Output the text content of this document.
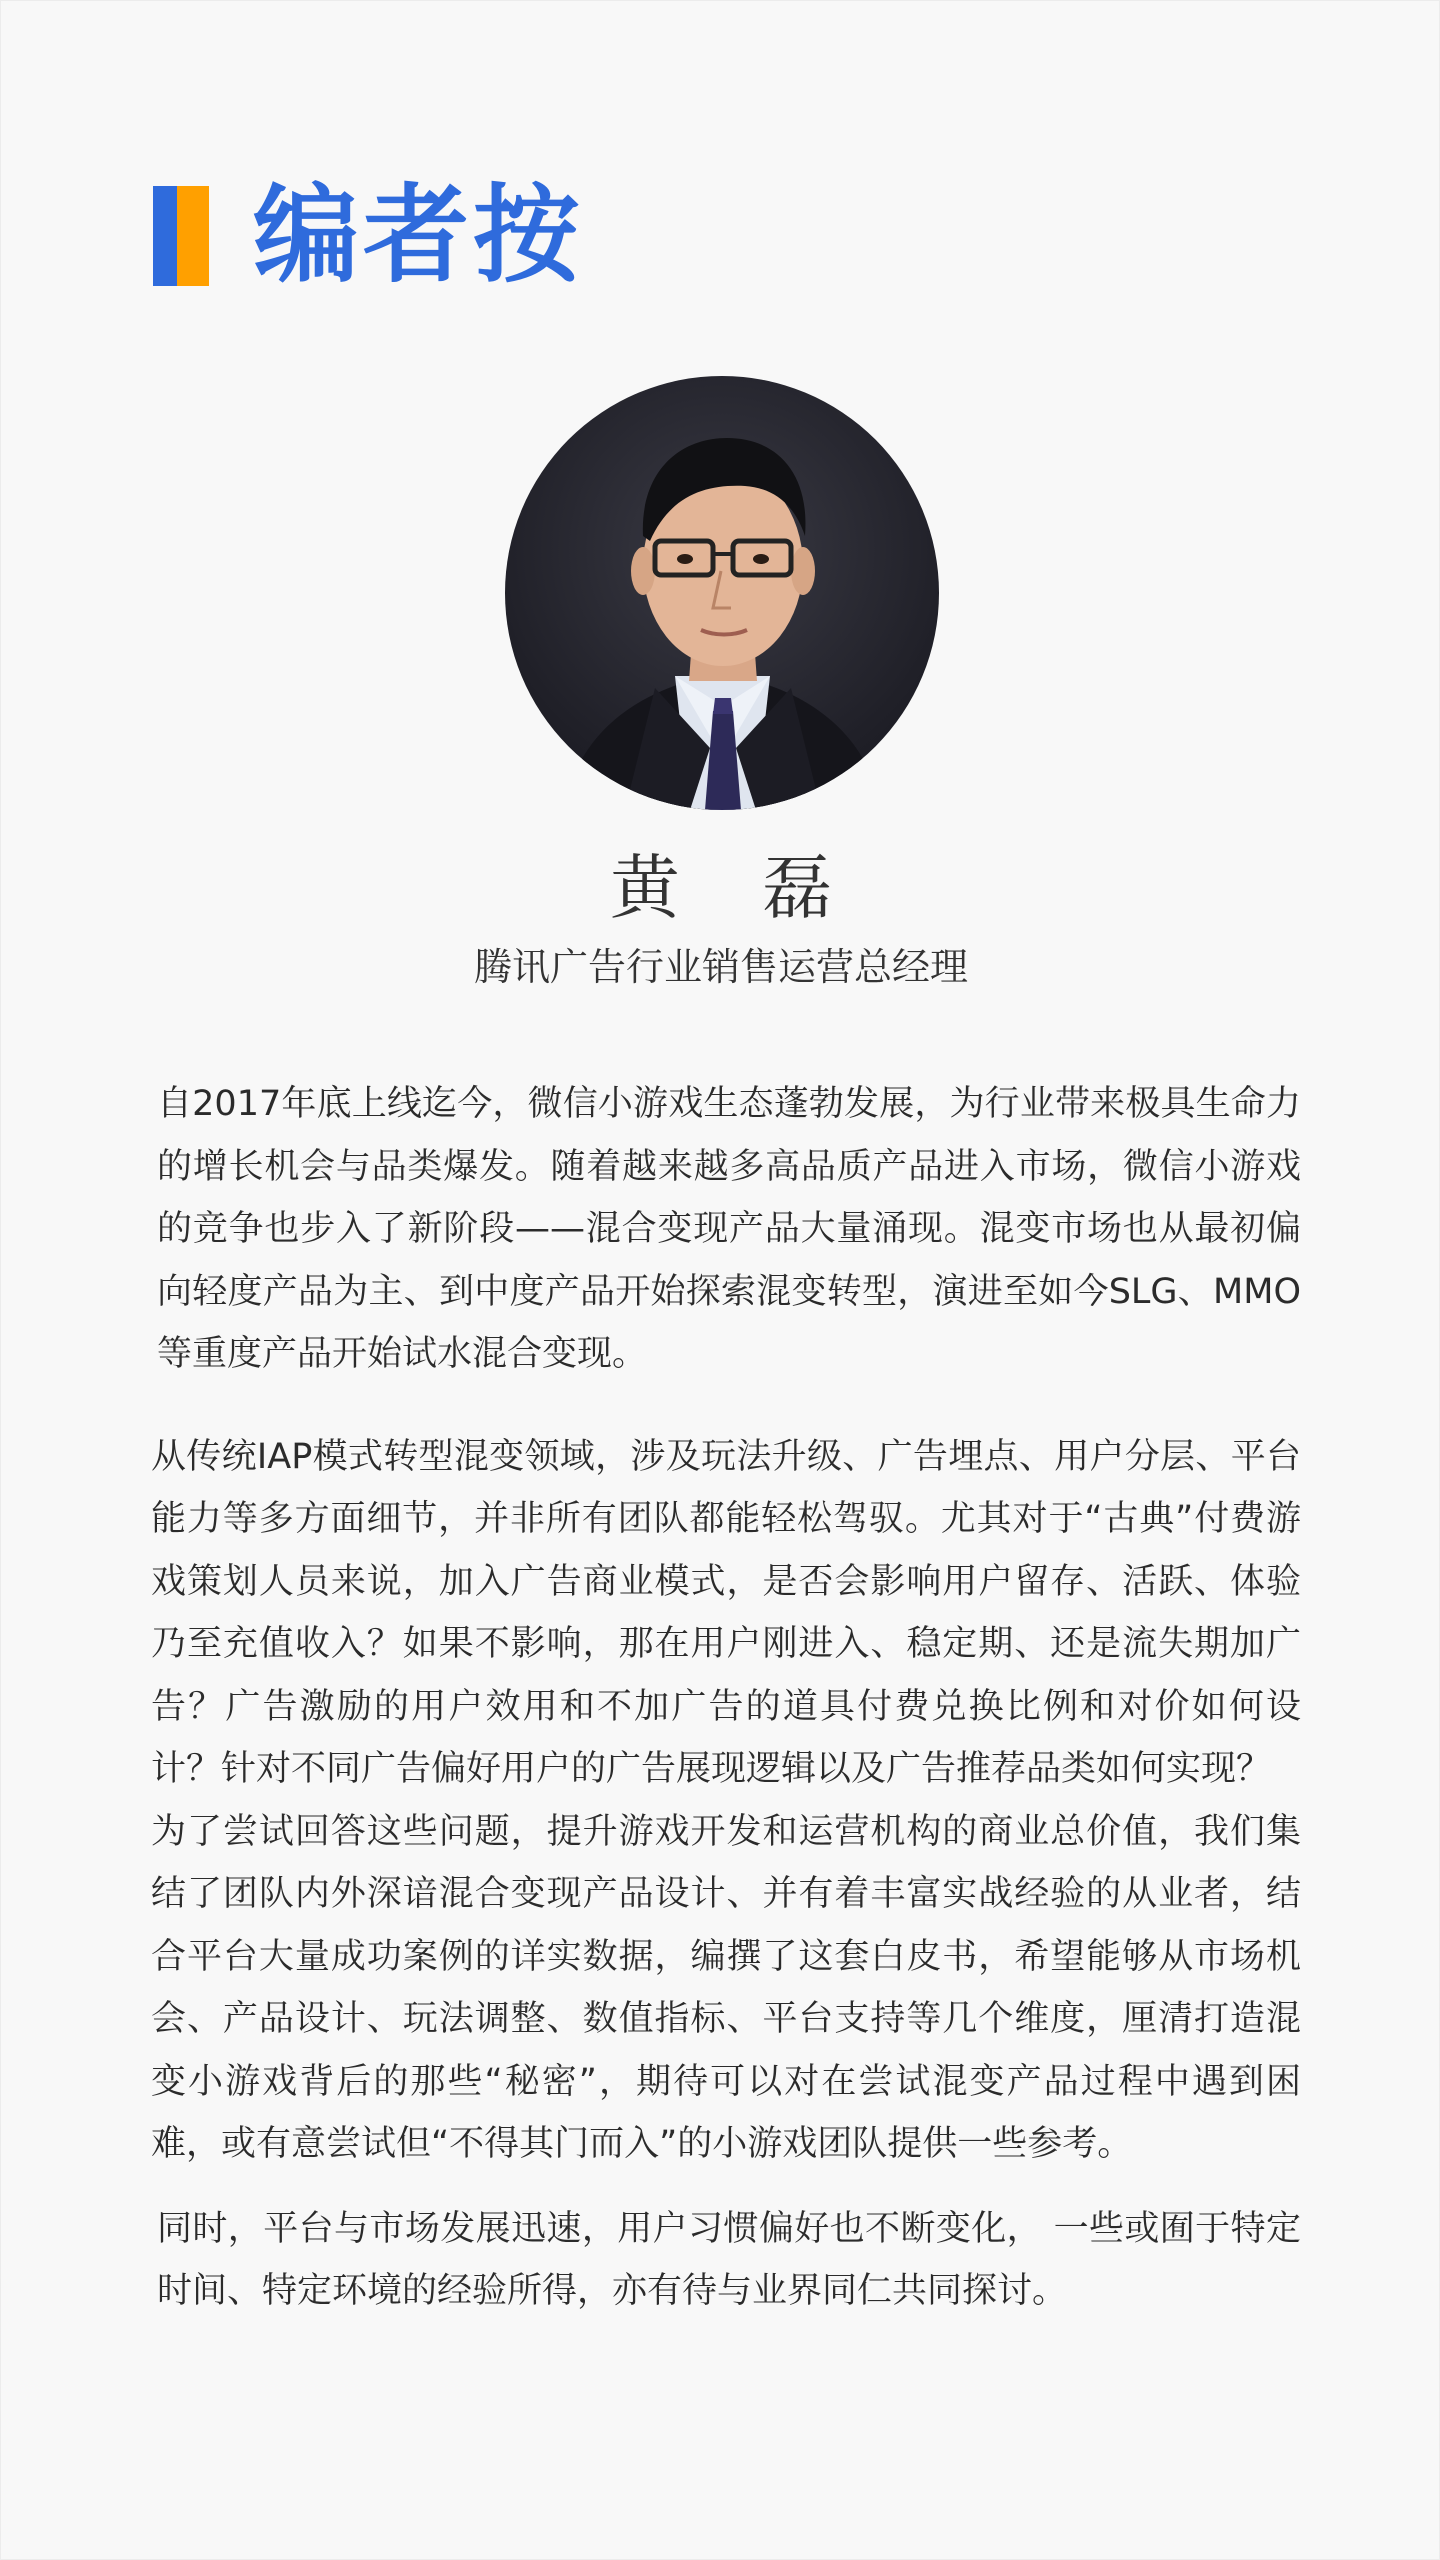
编者按
黄 磊
腾讯广告行业销售运营总经理

自2017年底上线迄今，微信小游戏生态蓬勃发展，为行业带来极具生命力的增长机会与品类爆发。随着越来越多高品质产品进入市场，微信小游戏的竞争也步入了新阶段——混合变现产品大量涌现。混变市场也从最初偏向轻度产品为主、到中度产品开始探索混变转型，演进至如今SLG、MMO等重度产品开始试水混合变现。

从传统IAP模式转型混变领域，涉及玩法升级、广告埋点、用户分层、平台能力等多方面细节，并非所有团队都能轻松驾驭。尤其对于“古典”付费游戏策划人员来说，加入广告商业模式，是否会影响用户留存、活跃、体验乃至充值收入？如果不影响，那在用户刚进入、稳定期、还是流失期加广告？广告激励的用户效用和不加广告的道具付费兑换比例和对价如何设计？针对不同广告偏好用户的广告展现逻辑以及广告推荐品类如何实现？

为了尝试回答这些问题，提升游戏开发和运营机构的商业总价值，我们集结了团队内外深谙混合变现产品设计、并有着丰富实战经验的从业者，结合平台大量成功案例的详实数据，编撰了这套白皮书，希望能够从市场机会、产品设计、玩法调整、数值指标、平台支持等几个维度，厘清打造混变小游戏背后的那些“秘密”，期待可以对在尝试混变产品过程中遇到困难，或有意尝试但“不得其门而入”的小游戏团队提供一些参考。

同时，平台与市场发展迅速，用户习惯偏好也不断变化， 一些或囿于特定时间、特定环境的经验所得，亦有待与业界同仁共同探讨。
